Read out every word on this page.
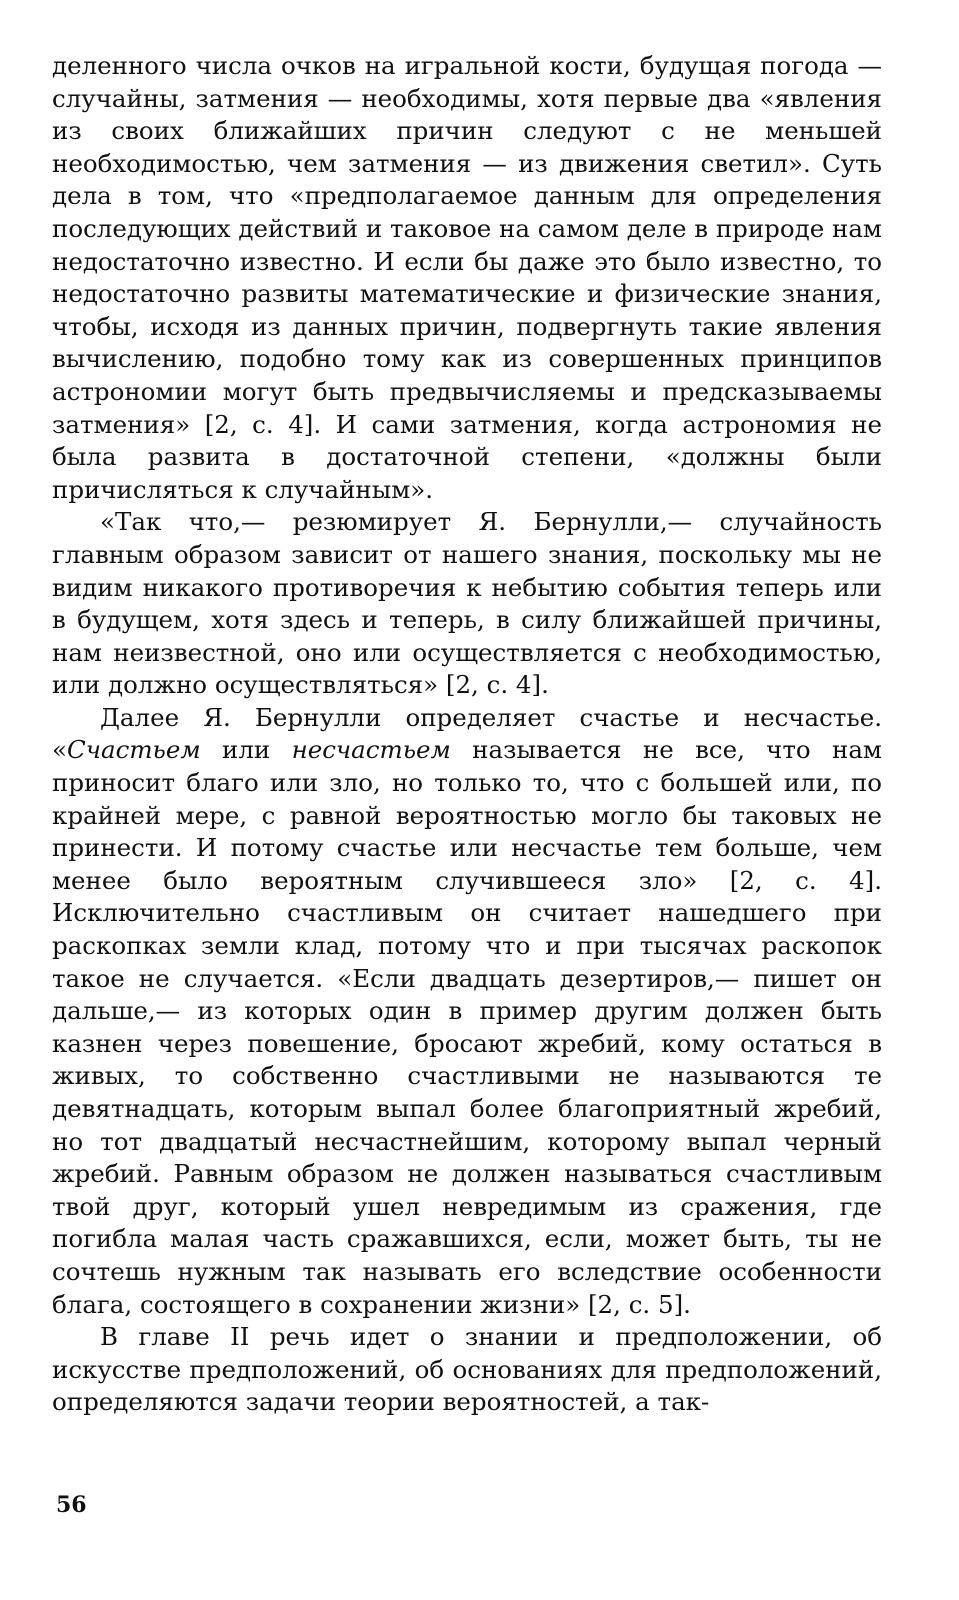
деленного числа очков на игральной кости, будущая погода — случайны, затмения — необходимы, хотя первые два «явления из своих ближайших причин следуют с не меньшей необходимостью, чем затмения — из движения светил». Суть дела в том, что «предполагаемое данным для определения последующих действий и таковое на самом деле в природе нам недостаточно известно. И если бы даже это было известно, то недостаточно развиты математические и физические знания, чтобы, исходя из данных причин, подвергнуть такие явления вычислению, подобно тому как из совершенных принципов астрономии могут быть предвычисляемы и предсказываемы затмения» [2, с. 4]. И сами затмения, когда астрономия не была развита в достаточной степени, «должны были причисляться к случайным».

«Так что,— резюмирует Я. Бернулли,— случайность главным образом зависит от нашего знания, поскольку мы не видим никакого противоречия к небытию события теперь или в будущем, хотя здесь и теперь, в силу ближайшей причины, нам неизвестной, оно или осуществляется с необходимостью, или должно осуществляться» [2, с. 4].

Далее Я. Бернулли определяет счастье и несчастье. «Счастьем или несчастьем называется не все, что нам приносит благо или зло, но только то, что с большей или, по крайней мере, с равной вероятностью могло бы таковых не принести. И потому счастье или несчастье тем больше, чем менее было вероятным случившееся зло» [2, с. 4]. Исключительно счастливым он считает нашедшего при раскопках земли клад, потому что и при тысячах раскопок такое не случается. «Если двадцать дезертиров,— пишет он дальше,— из которых один в пример другим должен быть казнен через повешение, бросают жребий, кому остаться в живых, то собственно счастливыми не называются те девятнадцать, которым выпал более благоприятный жребий, но тот двадцатый несчастнейшим, которому выпал черный жребий. Равным образом не должен называться счастливым твой друг, который ушел невредимым из сражения, где погибла малая часть сражавшихся, если, может быть, ты не сочтешь нужным так называть его вследствие особенности блага, состоящего в сохранении жизни» [2, с. 5].

В главе II речь идет о знании и предположении, об искусстве предположений, об основаниях для предположений, определяются задачи теории вероятностей, а так-

56
